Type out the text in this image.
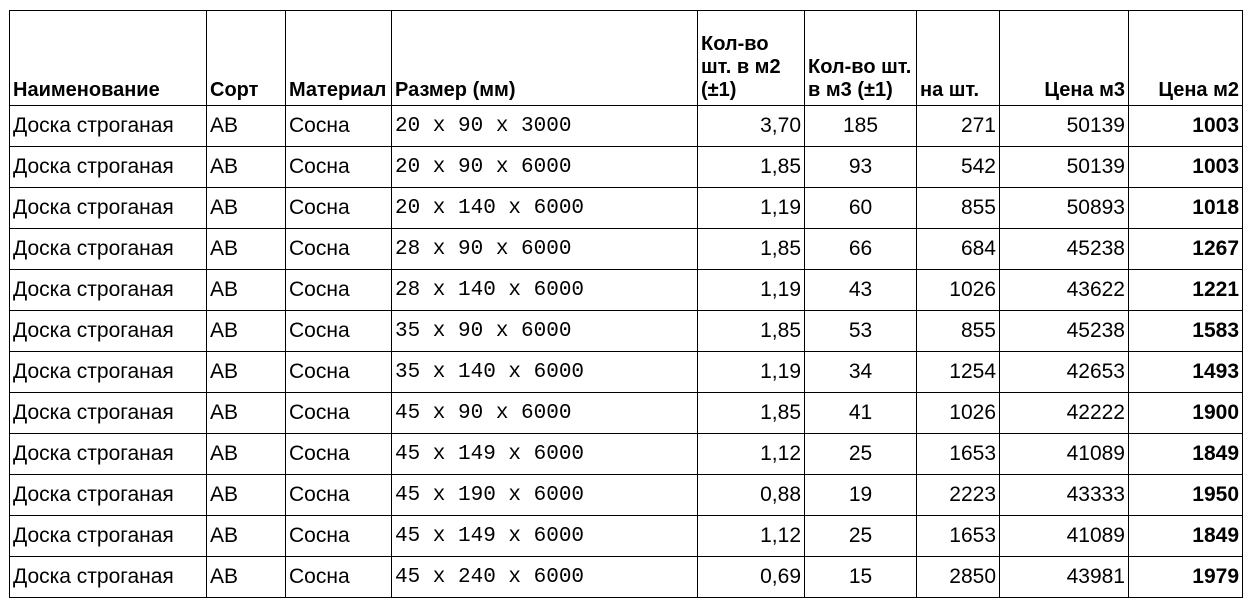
Наименование	Сорт	Материал	Размер (мм)	Кол-во шт. в м2 (±1)	Кол-во шт. в м3 (±1)	на шт.	Цена м3	Цена м2
Доска строганая	АВ	Сосна	20 x 90 x 3000	3,70	185	271	50139	1003
Доска строганая	АВ	Сосна	20 x 90 x 6000	1,85	93	542	50139	1003
Доска строганая	АВ	Сосна	20 x 140 x 6000	1,19	60	855	50893	1018
Доска строганая	АВ	Сосна	28 x 90 x 6000	1,85	66	684	45238	1267
Доска строганая	АВ	Сосна	28 x 140 x 6000	1,19	43	1026	43622	1221
Доска строганая	АВ	Сосна	35 x 90 x 6000	1,85	53	855	45238	1583
Доска строганая	АВ	Сосна	35 x 140 x 6000	1,19	34	1254	42653	1493
Доска строганая	АВ	Сосна	45 x 90 x 6000	1,85	41	1026	42222	1900
Доска строганая	АВ	Сосна	45 x 149 x 6000	1,12	25	1653	41089	1849
Доска строганая	АВ	Сосна	45 x 190 x 6000	0,88	19	2223	43333	1950
Доска строганая	АВ	Сосна	45 x 149 x 6000	1,12	25	1653	41089	1849
Доска строганая	АВ	Сосна	45 x 240 x 6000	0,69	15	2850	43981	1979
